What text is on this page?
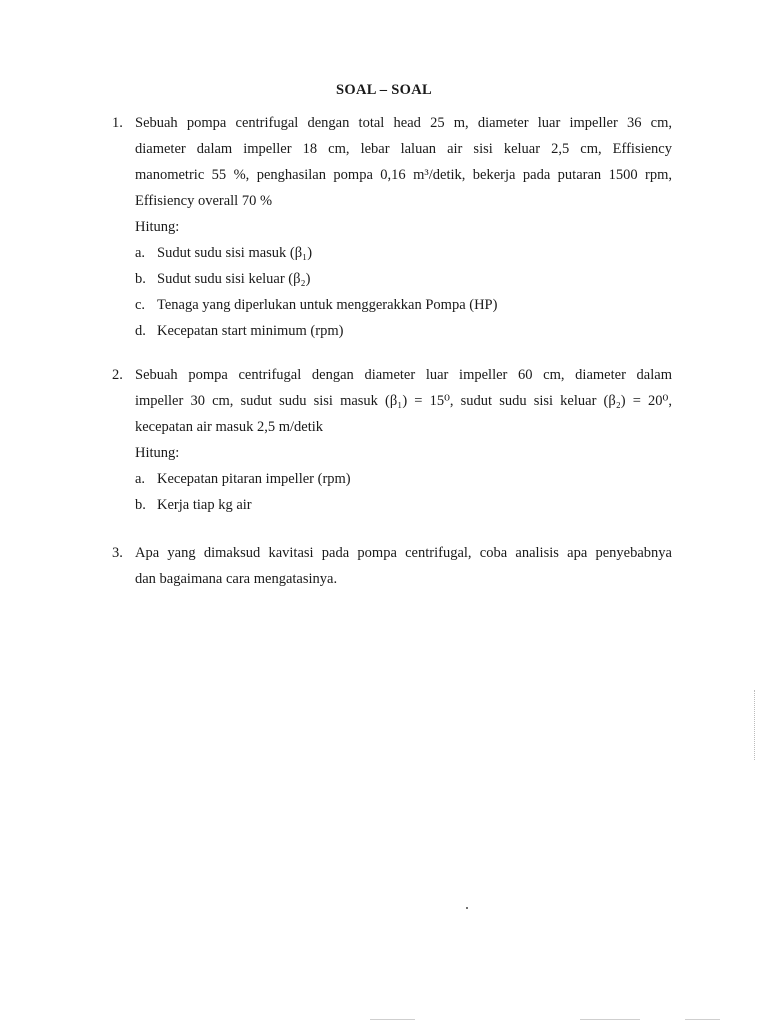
SOAL – SOAL
1. Sebuah pompa centrifugal dengan total head 25 m, diameter luar impeller 36 cm,
diameter dalam impeller 18 cm, lebar laluan air sisi keluar 2,5 cm, Effisiency
manometric 55 %, penghasilan pompa 0,16 m³/detik, bekerja pada putaran 1500 rpm,
Effisiency overall 70 %
Hitung:
a. Sudut sudu sisi masuk (β₁)
b. Sudut sudu sisi keluar (β₂)
c. Tenaga yang diperlukan untuk menggerakkan Pompa (HP)
d. Kecepatan start minimum (rpm)
2. Sebuah pompa centrifugal dengan diameter luar impeller 60 cm, diameter dalam
impeller 30 cm, sudut sudu sisi masuk (β₁) = 15⁰, sudut sudu sisi keluar (β₂) = 20⁰,
kecepatan air masuk 2,5 m/detik
Hitung:
a. Kecepatan pitaran impeller (rpm)
b. Kerja tiap kg air
3. Apa yang dimaksud kavitasi pada pompa centrifugal, coba analisis apa penyebabnya
dan bagaimana cara mengatasinya.
